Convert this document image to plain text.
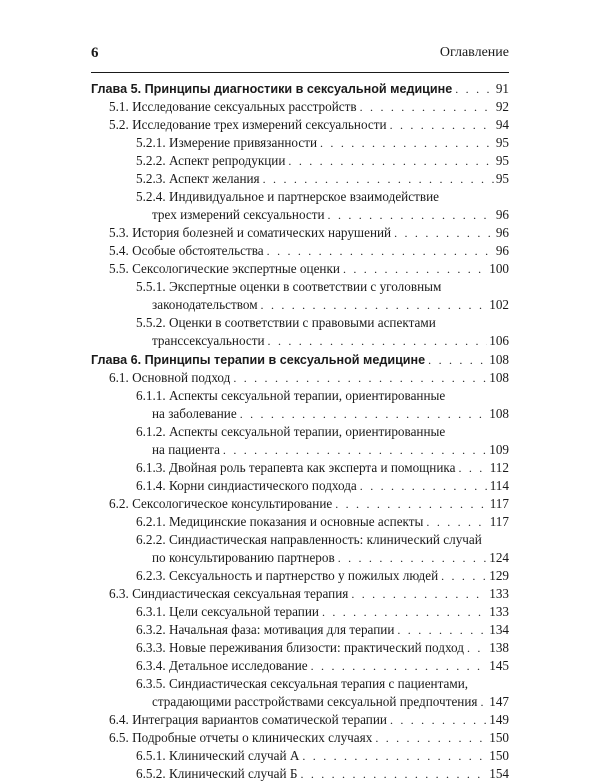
6	Оглавление
Глава 5. Принципы диагностики в сексуальной медицине . . .	91
5.1. Исследование сексуальных расстройств . . .	92
5.2. Исследование трех измерений сексуальности . . .	94
5.2.1. Измерение привязанности . . .	95
5.2.2. Аспект репродукции . . .	95
5.2.3. Аспект желания . . .	95
5.2.4. Индивидуальное и партнерское взаимодействие
трех измерений сексуальности . . .	96
5.3. История болезней и соматических нарушений . . .	96
5.4. Особые обстоятельства . . .	96
5.5. Сексологические экспертные оценки . . .	100
5.5.1. Экспертные оценки в соответствии с уголовным
законодательством . . .	102
5.5.2. Оценки в соответствии с правовыми аспектами
транссексуальности . . .	106
Глава 6. Принципы терапии в сексуальной медицине . . .	108
6.1. Основной подход . . .	108
6.1.1. Аспекты сексуальной терапии, ориентированные
на заболевание . . .	108
6.1.2. Аспекты сексуальной терапии, ориентированные
на пациента . . .	109
6.1.3. Двойная роль терапевта как эксперта и помощника . . .	112
6.1.4. Корни синдиастического подхода . . .	114
6.2. Сексологическое консультирование . . .	117
6.2.1. Медицинские показания и основные аспекты . . .	117
6.2.2. Синдиастическая направленность: клинический случай
по консультированию партнеров . . .	124
6.2.3. Сексуальность и партнерство у пожилых людей . . .	129
6.3. Синдиастическая сексуальная терапия . . .	133
6.3.1. Цели сексуальной терапии . . .	133
6.3.2. Начальная фаза: мотивация для терапии . . .	134
6.3.3. Новые переживания близости: практический подход . . . 138
6.3.4. Детальное исследование . . .	145
6.3.5. Синдиастическая сексуальная терапия с пациентами,
страдающими расстройствами сексуальной предпочтения . . . 147
6.4. Интеграция вариантов соматической терапии . . .	149
6.5. Подробные отчеты о клинических случаях . . .	150
6.5.1. Клинический случай А . . .	150
6.5.2. Клинический случай Б . . .	154
